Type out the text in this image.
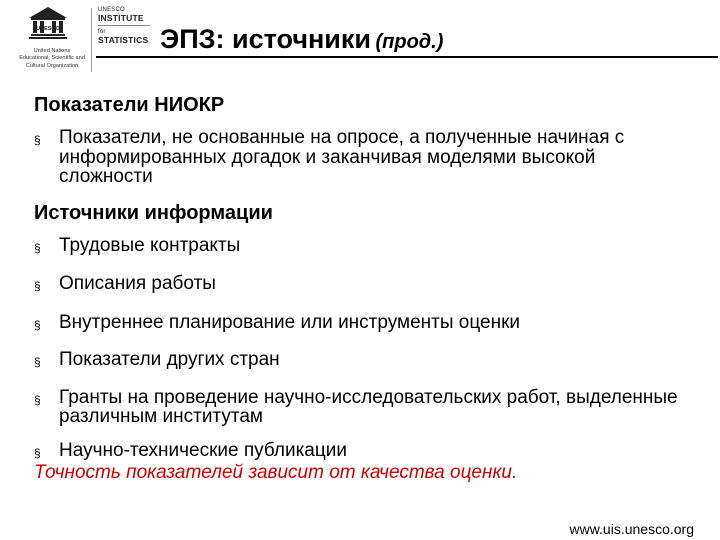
UNESCO
United Nations
Educational, Scientific and
Cultural Organization
UNESCO
INSTITUTE
for
STATISTICS ЭПЗ: источники (прод.)
Показатели НИОКР
§ Показатели, не основанные на опросе, а полученные начиная с информированных догадок и заканчивая моделями высокой сложности
Источники информации
§ Трудовые контракты
§ Описания работы
§ Внутреннее планирование или инструменты оценки
§ Показатели других стран
§ Гранты на проведение научно-исследовательских работ, выделенные различным институтам
§ Научно-технические публикации
Точность показателей зависит от качества оценки.
www.uis.unesco.org
